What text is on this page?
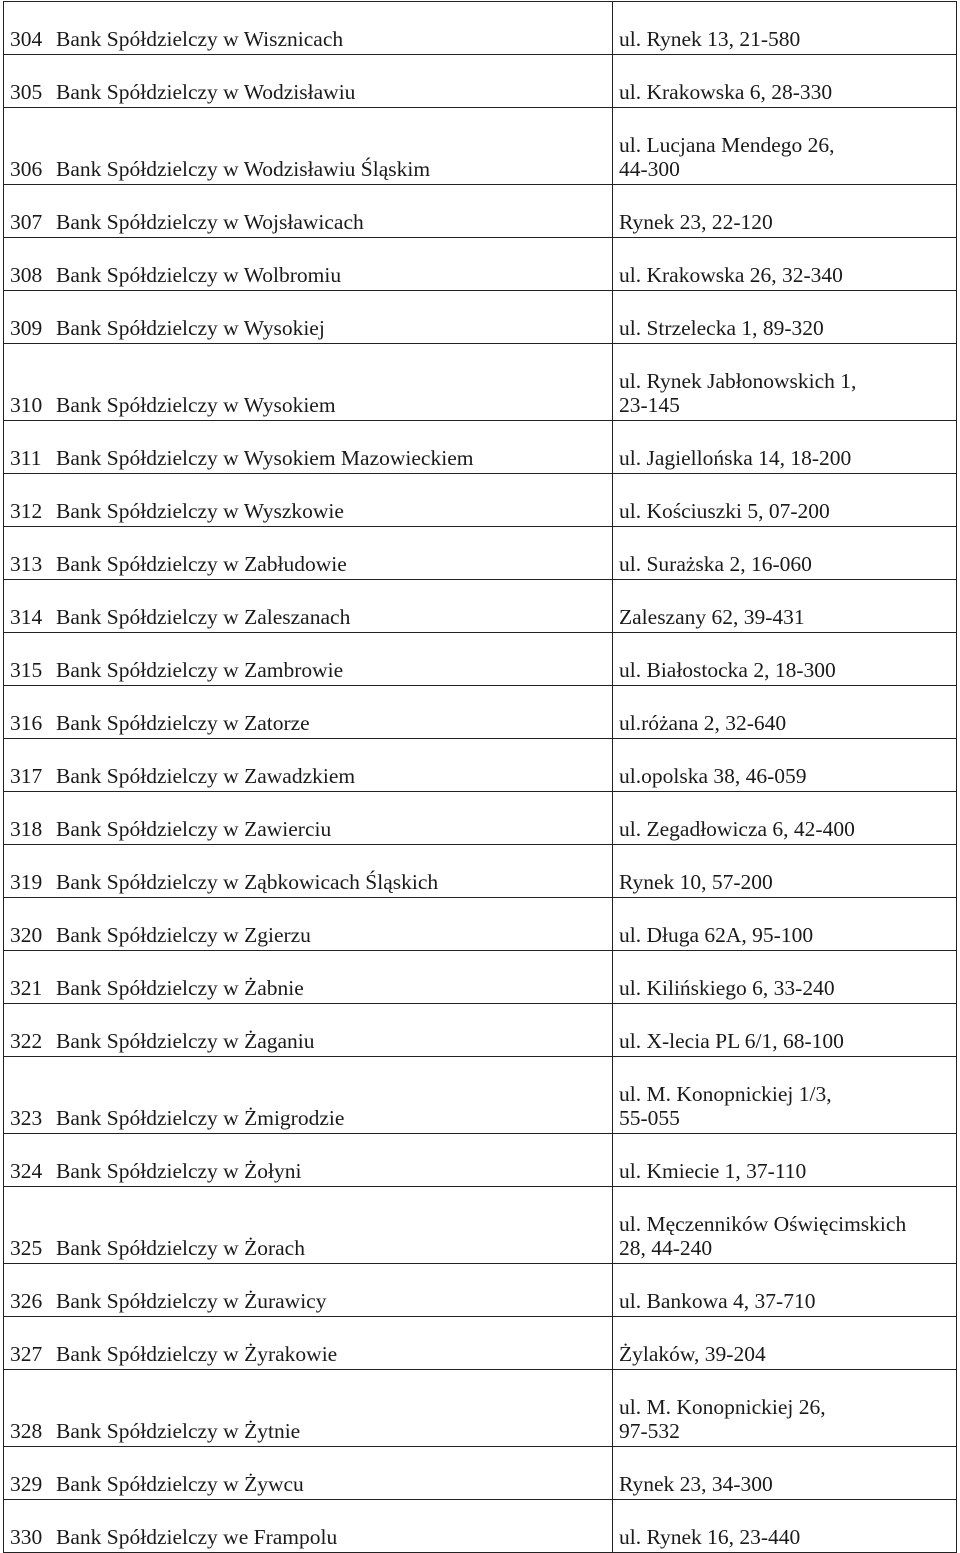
304 Bank Spółdzielczy w Wisznicach	ul. Rynek 13, 21-580
305 Bank Spółdzielczy w Wodzisławiu	ul. Krakowska 6, 28-330
306 Bank Spółdzielczy w Wodzisławiu Śląskim	ul. Lucjana Mendego 26,
44-300
307 Bank Spółdzielczy w Wojsławicach	Rynek 23, 22-120
308 Bank Spółdzielczy w Wolbromiu	ul. Krakowska 26, 32-340
309 Bank Spółdzielczy w Wysokiej	ul. Strzelecka 1, 89-320
310 Bank Spółdzielczy w Wysokiem	ul. Rynek Jabłonowskich 1,
23-145
311 Bank Spółdzielczy w Wysokiem Mazowieckiem	ul. Jagiellońska 14, 18-200
312 Bank Spółdzielczy w Wyszkowie	ul. Kościuszki 5, 07-200
313 Bank Spółdzielczy w Zabłudowie	ul. Surażska 2, 16-060
314 Bank Spółdzielczy w Zaleszanach	Zaleszany 62, 39-431
315 Bank Spółdzielczy w Zambrowie	ul. Białostocka 2, 18-300
316 Bank Spółdzielczy w Zatorze	ul.różana 2, 32-640
317 Bank Spółdzielczy w Zawadzkiem	ul.opolska 38, 46-059
318 Bank Spółdzielczy w Zawierciu	ul. Zegadłowicza 6, 42-400
319 Bank Spółdzielczy w Ząbkowicach Śląskich	Rynek 10, 57-200
320 Bank Spółdzielczy w Zgierzu	ul. Długa 62A, 95-100
321 Bank Spółdzielczy w Żabnie	ul. Kilińskiego 6, 33-240
322 Bank Spółdzielczy w Żaganiu	ul. X-lecia PL 6/1, 68-100
323 Bank Spółdzielczy w Żmigrodzie	ul. M. Konopnickiej 1/3,
55-055
324 Bank Spółdzielczy w Żołyni	ul. Kmiecie 1, 37-110
325 Bank Spółdzielczy w Żorach	ul. Męczenników Oświęcimskich
28, 44-240
326 Bank Spółdzielczy w Żurawicy	ul. Bankowa 4, 37-710
327 Bank Spółdzielczy w Żyrakowie	Żylaków, 39-204
328 Bank Spółdzielczy w Żytnie	ul. M. Konopnickiej 26,
97-532
329 Bank Spółdzielczy w Żywcu	Rynek 23, 34-300
330 Bank Spółdzielczy we Frampolu	ul. Rynek 16, 23-440
